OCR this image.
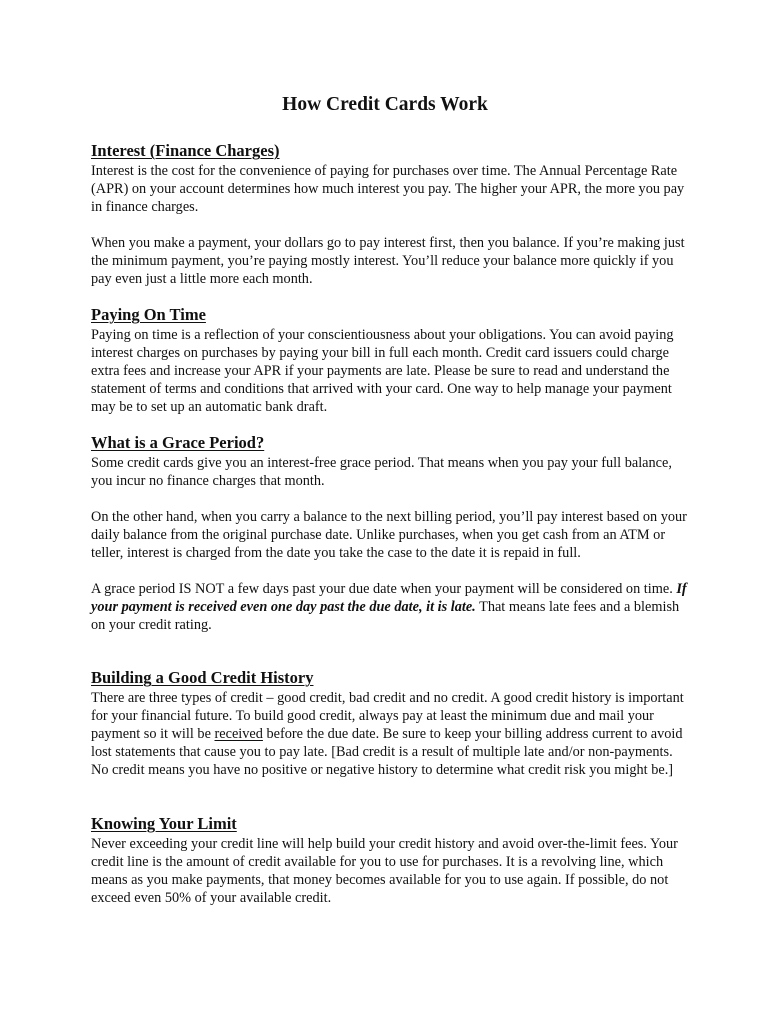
How Credit Cards Work
Interest (Finance Charges)

Interest is the cost for the convenience of paying for purchases over time. The Annual Percentage Rate (APR) on your account determines how much interest you pay. The higher your APR, the more you pay in finance charges.

When you make a payment, your dollars go to pay interest first, then you balance. If you’re making just the minimum payment, you’re paying mostly interest. You’ll reduce your balance more quickly if you pay even just a little more each month.

Paying On Time

Paying on time is a reflection of your conscientiousness about your obligations. You can avoid paying interest charges on purchases by paying your bill in full each month. Credit card issuers could charge extra fees and increase your APR if your payments are late. Please be sure to read and understand the statement of terms and conditions that arrived with your card. One way to help manage your payment may be to set up an automatic bank draft.

What is a Grace Period?

Some credit cards give you an interest-free grace period. That means when you pay your full balance, you incur no finance charges that month.

On the other hand, when you carry a balance to the next billing period, you’ll pay interest based on your daily balance from the original purchase date. Unlike purchases, when you get cash from an ATM or teller, interest is charged from the date you take the case to the date it is repaid in full.

A grace period IS NOT a few days past your due date when your payment will be considered on time. If your payment is received even one day past the due date, it is late. That means late fees and a blemish on your credit rating.

Building a Good Credit History

There are three types of credit – good credit, bad credit and no credit. A good credit history is important for your financial future. To build good credit, always pay at least the minimum due and mail your payment so it will be received before the due date. Be sure to keep your billing address current to avoid lost statements that cause you to pay late. [Bad credit is a result of multiple late and/or non-payments. No credit means you have no positive or negative history to determine what credit risk you might be.]

Knowing Your Limit

Never exceeding your credit line will help build your credit history and avoid over-the-limit fees. Your credit line is the amount of credit available for you to use for purchases. It is a revolving line, which means as you make payments, that money becomes available for you to use again. If possible, do not exceed even 50% of your available credit.
